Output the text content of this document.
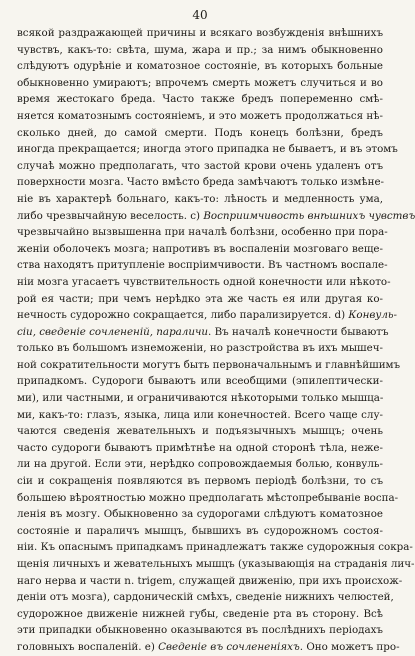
40
всякой раздражающей причины и всякаго возбужденія внѣшнихъ
чувствъ, какъ-то: свѣта, шума, жара и пр.; за нимъ обыкновенно
слѣдуютъ одурѣніе и коматозное состояніе, въ которыхъ больные
обыкновенно умираютъ; впрочемъ смерть можетъ случиться и во
время жестокаго бреда. Часто также бредъ попеременно смѣ-
няется коматознымъ состояніемъ, и это можетъ продолжаться нѣ-
сколько дней, до самой смерти. Подъ конецъ болѣзни, бредъ
иногда прекращается; иногда этого припадка не бываетъ, и въ этомъ
случаѣ можно предполагать, что застой крови очень удаленъ отъ
поверхности мозга. Часто вмѣсто бреда замѣчаютъ только измѣне-
ніе въ характерѣ больнаго, какъ-то: лѣность и медленность ума,
либо чрезвычайную веселость. с) Восприимчивость внѣшнихъ чувствъ
чрезвычайно вызвышенна при началѣ болѣзни, особенно при пора-
женіи оболочекъ мозга; напротивъ въ воспаленіи мозговаго веще-
ства находятъ притупленіе воспріимчивости. Въ частномъ воспале-
ніи мозга угасаетъ чувствительность одной конечности или нѣкото-
рой ея части; при чемъ нерѣдко эта же часть ея или другая ко-
нечность судорожно сокращается, либо парализируется. d) Конвуль-
сіи, сведеніе сочлененій, параличи. Въ началѣ конечности бываютъ
только въ большомъ изнеможеніи, но разстройства въ ихъ мышеч-
ной сократительности могутъ быть первоначальнымъ и главнѣйшимъ
припадкомъ. Судороги бываютъ или всеобщими (эпилептически-
ми), или частными, и ограничиваются нѣкоторыми только мышца-
ми, какъ-то: глазъ, языка, лица или конечностей. Всего чаще слу-
чаются сведенія жевательныхъ и подъязычныхъ мышцъ; очень
часто судороги бываютъ примѣтнѣе на одной сторонѣ тѣла, нежe-
ли на другой. Если эти, нерѣдко сопровождаемыя болью, конвуль-
сіи и сокращенія появляются въ первомъ періодѣ болѣзни, то съ
большею вѣроятностью можно предполагать мѣстопребываніе воспа-
ленія въ мозгу. Обыкновенно за судорогами слѣдуютъ коматозное
состояніе и параличъ мышцъ, бывшихъ въ судорожномъ состоя-
ніи. Къ опаснымъ припадкамъ принадлежатъ также судорожныя сокра-
щенія личныхъ и жевательныхъ мышцъ (указывающія на страданія лич-
наго нерва и части n. trigem, служащей движенію, при ихъ происхож-
деніи отъ мозга), сардоническій смѣхъ, сведеніе нижнихъ челюстей,
судорожное движеніе нижней губы, сведеніе рта въ сторону. Всѣ
эти припадки обыкновенно оказываются въ послѣднихъ періодахъ
головныхъ воспаленій. е) Сведеніе въ сочлененіяхъ. Оно можетъ про-
